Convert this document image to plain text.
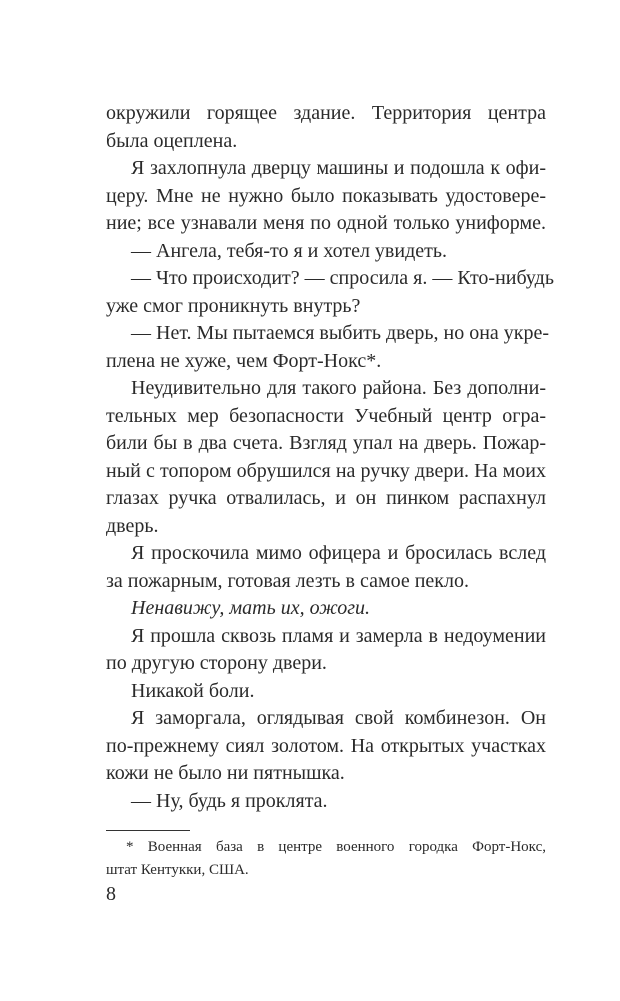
окружили горящее здание. Территория центра
была оцеплена.
Я захлопнула дверцу машины и подошла к офи-
церу. Мне не нужно было показывать удостовере-
ние; все узнавали меня по одной только униформе.
— Ангела, тебя-то я и хотел увидеть.
— Что происходит? — спросила я. — Кто-нибудь
уже смог проникнуть внутрь?
— Нет. Мы пытаемся выбить дверь, но она укре-
плена не хуже, чем Форт-Нокс*.
Неудивительно для такого района. Без дополни-
тельных мер безопасности Учебный центр огра-
били бы в два счета. Взгляд упал на дверь. Пожар-
ный с топором обрушился на ручку двери. На моих
глазах ручка отвалилась, и он пинком распахнул
дверь.
Я проскочила мимо офицера и бросилась вслед
за пожарным, готовая лезть в самое пекло.
Ненавижу, мать их, ожоги.
Я прошла сквозь пламя и замерла в недоумении
по другую сторону двери.
Никакой боли.
Я заморгала, оглядывая свой комбинезон. Он
по-прежнему сиял золотом. На открытых участках
кожи не было ни пятнышка.
— Ну, будь я проклята.
* Военная база в центре военного городка Форт-Нокс,
штат Кентукки, США.
8
